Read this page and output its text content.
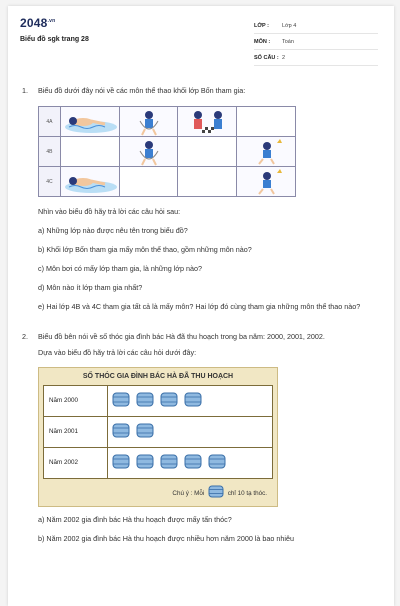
$2048^{.vn}$
Biểu đồ sgk trang 28
LỚP :	Lớp 4
MÔN :	Toán
SỐ CÂU : 2
1.	Biểu đồ dưới đây nói về các môn thể thao khối lớp Bốn tham gia:
4A	

4B		

4C	

Nhìn vào biểu đồ hãy trả lời các câu hỏi sau:
a) Những lớp nào được nêu tên trong biểu đồ?
b) Khối lớp Bốn tham gia mấy môn thể thao, gồm những môn nào?
c) Môn bơi có mấy lớp tham gia, là những lớp nào?
d) Môn nào ít lớp tham gia nhất?
e) Hai lớp 4B và 4C tham gia tất cả là mấy môn? Hai lớp đó cùng tham gia những môn thể thao nào?
2.	Biểu đồ bên nói về số thóc gia đình bác Hà đã thu hoạch trong ba năm: 2000, 2001, 2002.
Dựa vào biểu đồ hãy trả lời các câu hỏi dưới đây:
SỐ THÓC GIA ĐÌNH BÁC HÀ ĐÃ THU HOẠCH
Năm 2000	
Năm 2001	
Năm 2002	
Chú ý : Mỗi	chỉ 10 tạ thóc.
a) Năm 2002 gia đình bác Hà thu hoạch được mấy tấn thóc?
b) Năm 2002 gia đình bác Hà thu hoạch được nhiều hơn năm 2000 là bao nhiêu
